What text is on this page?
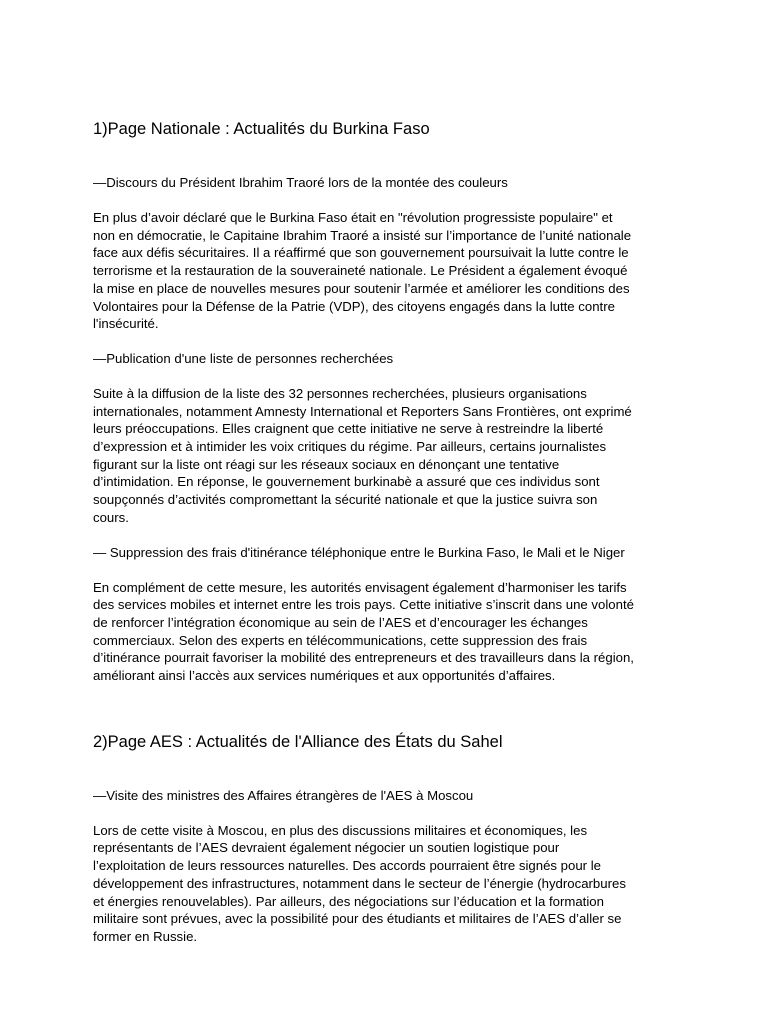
1)Page Nationale : Actualités du Burkina Faso

—Discours du Président Ibrahim Traoré lors de la montée des couleurs

En plus d’avoir déclaré que le Burkina Faso était en "révolution progressiste populaire" et
non en démocratie, le Capitaine Ibrahim Traoré a insisté sur l’importance de l’unité nationale
face aux défis sécuritaires. Il a réaffirmé que son gouvernement poursuivait la lutte contre le
terrorisme et la restauration de la souveraineté nationale. Le Président a également évoqué
la mise en place de nouvelles mesures pour soutenir l’armée et améliorer les conditions des
Volontaires pour la Défense de la Patrie (VDP), des citoyens engagés dans la lutte contre
l'insécurité.

—Publication d'une liste de personnes recherchées

Suite à la diffusion de la liste des 32 personnes recherchées, plusieurs organisations
internationales, notamment Amnesty International et Reporters Sans Frontières, ont exprimé
leurs préoccupations. Elles craignent que cette initiative ne serve à restreindre la liberté
d’expression et à intimider les voix critiques du régime. Par ailleurs, certains journalistes
figurant sur la liste ont réagi sur les réseaux sociaux en dénonçant une tentative
d’intimidation. En réponse, le gouvernement burkinabè a assuré que ces individus sont
soupçonnés d’activités compromettant la sécurité nationale et que la justice suivra son
cours.

— Suppression des frais d'itinérance téléphonique entre le Burkina Faso, le Mali et le Niger

En complément de cette mesure, les autorités envisagent également d’harmoniser les tarifs
des services mobiles et internet entre les trois pays. Cette initiative s’inscrit dans une volonté
de renforcer l’intégration économique au sein de l’AES et d’encourager les échanges
commerciaux. Selon des experts en télécommunications, cette suppression des frais
d’itinérance pourrait favoriser la mobilité des entrepreneurs et des travailleurs dans la région,
améliorant ainsi l’accès aux services numériques et aux opportunités d’affaires.

2)Page AES : Actualités de l'Alliance des États du Sahel

—Visite des ministres des Affaires étrangères de l'AES à Moscou

Lors de cette visite à Moscou, en plus des discussions militaires et économiques, les
représentants de l’AES devraient également négocier un soutien logistique pour
l’exploitation de leurs ressources naturelles. Des accords pourraient être signés pour le
développement des infrastructures, notamment dans le secteur de l’énergie (hydrocarbures
et énergies renouvelables). Par ailleurs, des négociations sur l’éducation et la formation
militaire sont prévues, avec la possibilité pour des étudiants et militaires de l’AES d’aller se
former en Russie.
